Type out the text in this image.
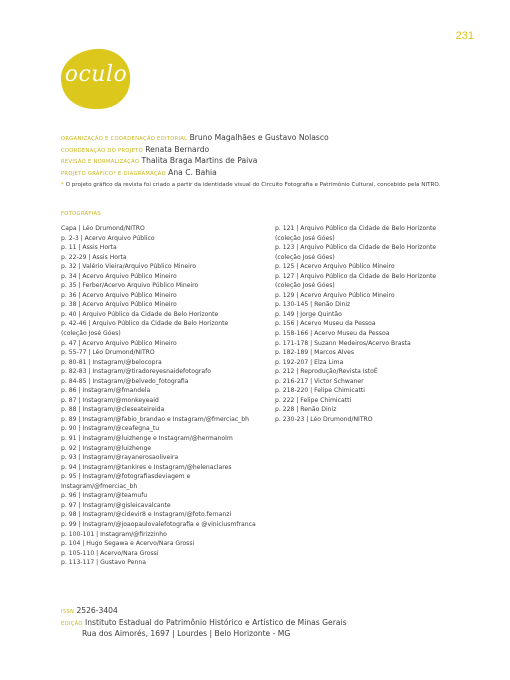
231
oculo
ORGANIZAÇÃO E COORDENAÇÃO EDITORIAL Bruno Magalhães e Gustavo Nolasco
COORDENAÇÃO DO PROJETO Renata Bernardo
REVISÃO E NORMALIZAÇÃO Thalita Braga Martins de Paiva
PROJETO GRÁFICO* E DIAGRAMAÇÃO Ana C. Bahia
* O projeto gráfico da revista foi criado a partir da identidade visual do Circuito Fotografia e Patrimônio Cultural, concebido pela NITRO.
FOTOGRAFIAS
Capa | Léo Drumond/NITRO
p. 2-3 | Acervo Arquivo Público
p. 11 | Assis Horta
p. 22-29 | Assis Horta
p. 32 | Valério Vieira/Arquivo Público Mineiro
p. 34 | Acervo Arquivo Público Mineiro
p. 35 | Ferber/Acervo Arquivo Público Mineiro
p. 36 | Acervo Arquivo Público Mineiro
p. 38 | Acervo Arquivo Público Mineiro
p. 40 | Arquivo Público da Cidade de Belo Horizonte
p. 42-46 | Arquivo Público da Cidade de Belo Horizonte
(coleção José Góes)
p. 47 | Acervo Arquivo Público Mineiro
p. 55-77 | Léo Drumond/NITRO
p. 80-81 | Instagram/@belocopra
p. 82-83 | Instagram/@tiradoreyesnaidefotografo
p. 84-85 | Instagram/@belvedo_fotografia
p. 86 | Instagram/@fmandela
p. 87 | Instagram/@monkeyeaid
p. 88 | Instagram/@cleseateireida
p. 89 | Instagram/@fabio_brandao e Instagram/@fmerciac_bh
p. 90 | Instagram/@ceafegna_tu
p. 91 | Instagram/@luizhenge e Instagram/@hermanolm
p. 92 | Instagram/@luizhenge
p. 93 | Instagram/@rayanerosaoliveira
p. 94 | Instagram/@tankires e Instagram/@helenaclares
p. 95 | Instagram/@fotografiasdeviagem e
Instagram/@fmerciac_bh
p. 96 | Instagram/@teamufu
p. 97 | Instagram/@gisleicavalcante
p. 98 | Instagram/@cidevir8 e Instagram/@foto.fernanzi
p. 99 | Instagram/@joaopaulovalefotografia e @viniciusmfranca
p. 100-101 | Instagram/@firizzinho
p. 104 | Hugo Segawa e Acervo/Nara Grossi
p. 105-110 | Acervo/Nara Grossi
p. 113-117 | Gustavo Penna
p. 121 | Arquivo Público da Cidade de Belo Horizonte
(coleção José Góes)
p. 123 | Arquivo Público da Cidade de Belo Horizonte
(coleção José Góes)
p. 125 | Acervo Arquivo Público Mineiro
p. 127 | Arquivo Público da Cidade de Belo Horizonte
(coleção José Góes)
p. 129 | Acervo Arquivo Público Mineiro
p. 130-145 | Renão Diniz
p. 149 | Jorge Quintão
p. 156 | Acervo Museu da Pessoa
p. 158-166 | Acervo Museu da Pessoa
p. 171-178 | Suzann Medeiros/Acervo Brasta
p. 182-189 | Marcos Alves
p. 192-207 | Elza Lima
p. 212 | Reprodução/Revista IstoÉ
p. 216-217 | Victor Schwaner
p. 218-220 | Felipe Chimicatti
p. 222 | Felipe Chimicatti
p. 228 | Renão Diniz
p. 230-23 | Léo Drumond/NITRO
ISSN 2526-3404
EDIÇÃO Instituto Estadual do Patrimônio Histórico e Artístico de Minas Gerais
Rua dos Aimorés, 1697 | Lourdes | Belo Horizonte - MG
